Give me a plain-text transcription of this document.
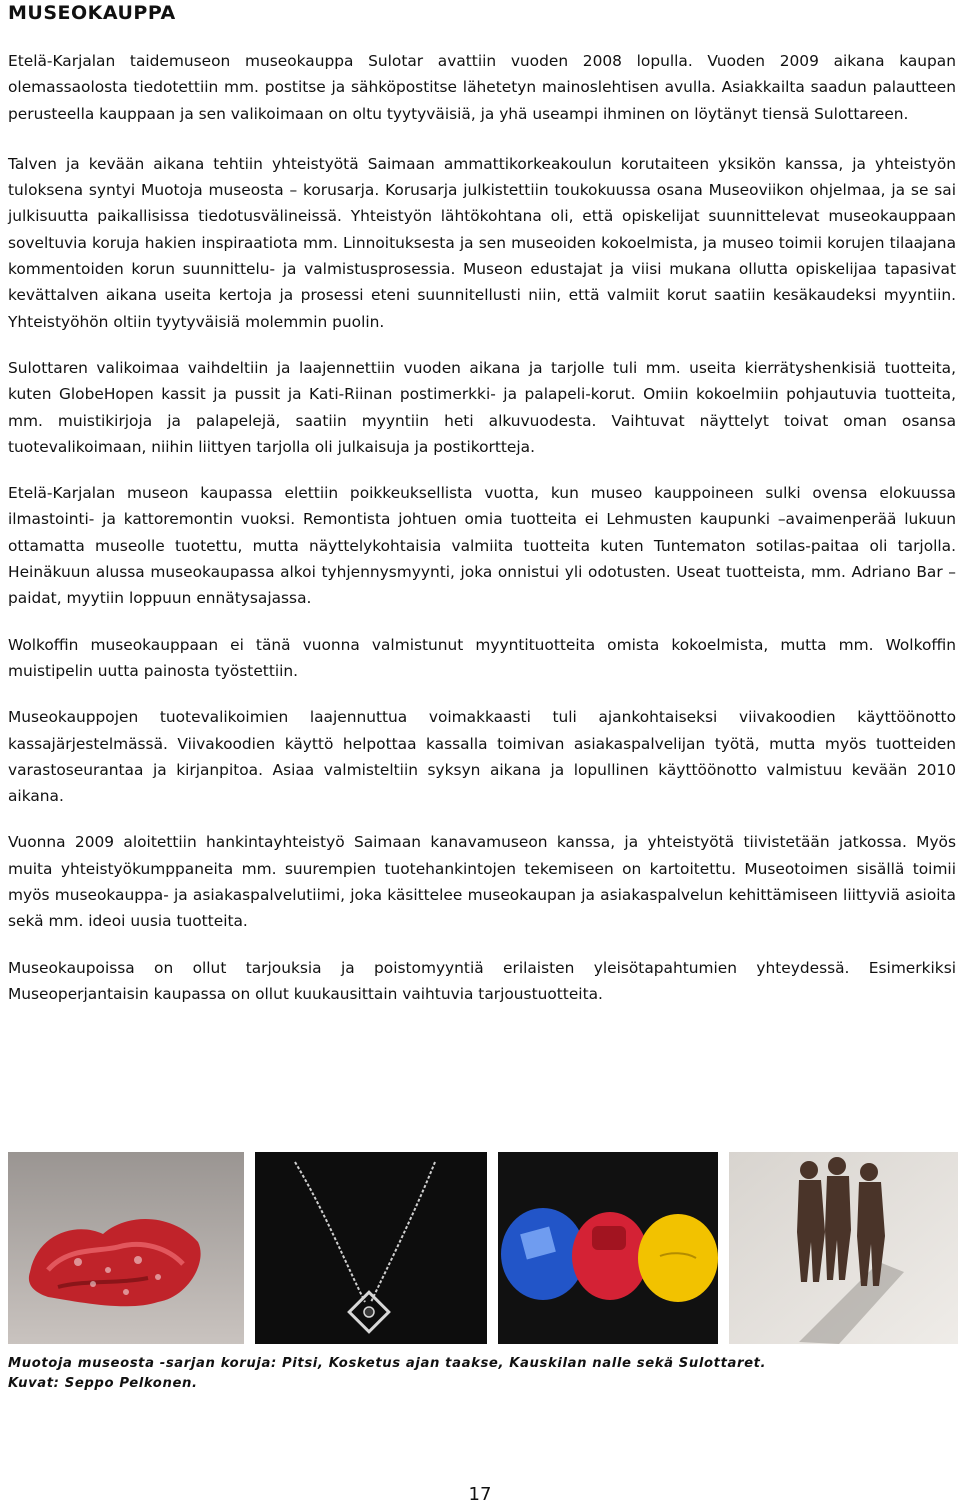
MUSEOKAUPPA

Etelä-Karjalan taidemuseon museokauppa Sulotar avattiin vuoden 2008 lopulla. Vuoden 2009 aikana kaupan olemassaolosta tiedotettiin mm. postitse ja sähköpostitse lähetetyn mainoslehtisen avulla. Asiakkailta saadun palautteen perusteella kauppaan ja sen valikoimaan on oltu tyytyväisiä, ja yhä useampi ihminen on löytänyt tiensä Sulottareen.

Talven ja kevään aikana tehtiin yhteistyötä Saimaan ammattikorkeakoulun korutaiteen yksikön kanssa, ja yhteistyön tuloksena syntyi Muotoja museosta – korusarja. Korusarja julkistettiin toukokuussa osana Museoviikon ohjelmaa, ja se sai julkisuutta paikallisissa tiedotusvälineissä. Yhteistyön lähtökohtana oli, että opiskelijat suunnittelevat museokauppaan soveltuvia koruja hakien inspiraatiota mm. Linnoituksesta ja sen museoiden kokoelmista, ja museo toimii korujen tilaajana kommentoiden korun suunnittelu- ja valmistusprosessia. Museon edustajat ja viisi mukana ollutta opiskelijaa tapasivat kevättalven aikana useita kertoja ja prosessi eteni suunnitellusti niin, että valmiit korut saatiin kesäkaudeksi myyntiin. Yhteistyöhön oltiin tyytyväisiä molemmin puolin.

Sulottaren valikoimaa vaihdeltiin ja laajennettiin vuoden aikana ja tarjolle tuli mm. useita kierrätyshenkisiä tuotteita, kuten GlobeHopen kassit ja pussit ja Kati-Riinan postimerkki- ja palapeli-korut. Omiin kokoelmiin pohjautuvia tuotteita, mm. muistikirjoja ja palapelejä, saatiin myyntiin heti alkuvuodesta. Vaihtuvat näyttelyt toivat oman osansa tuotevalikoimaan, niihin liittyen tarjolla oli julkaisuja ja postikortteja.

Etelä-Karjalan museon kaupassa elettiin poikkeuksellista vuotta, kun museo kauppoineen sulki ovensa elokuussa ilmastointi- ja kattoremontin vuoksi. Remontista johtuen omia tuotteita ei Lehmusten kaupunki –avaimenperää lukuun ottamatta museolle tuotettu, mutta näyttelykohtaisia valmiita tuotteita kuten Tuntematon sotilas-paitaa oli tarjolla. Heinäkuun alussa museokaupassa alkoi tyhjennysmyynti, joka onnistui yli odotusten. Useat tuotteista, mm. Adriano Bar –paidat, myytiin loppuun ennätysajassa.

Wolkoffin museokauppaan ei tänä vuonna valmistunut myyntituotteita omista kokoelmista, mutta mm. Wolkoffin muistipelin uutta painosta työstettiin.

Museokauppojen tuotevalikoimien laajennuttua voimakkaasti tuli ajankohtaiseksi viivakoodien käyttöönotto kassajärjestelmässä. Viivakoodien käyttö helpottaa kassalla toimivan asiakaspalvelijan työtä, mutta myös tuotteiden varastoseurantaa ja kirjanpitoa. Asiaa valmisteltiin syksyn aikana ja lopullinen käyttöönotto valmistuu kevään 2010 aikana.

Vuonna 2009 aloitettiin hankintayhteistyö Saimaan kanavamuseon kanssa, ja yhteistyötä tiivistetään jatkossa. Myös muita yhteistyökumppaneita mm. suurempien tuotehankintojen tekemiseen on kartoitettu. Museotoimen sisällä toimii myös museokauppa- ja asiakaspalvelutiimi, joka käsittelee museokaupan ja asiakaspalvelun kehittämiseen liittyviä asioita sekä mm. ideoi uusia tuotteita.

Museokaupoissa on ollut tarjouksia ja poistomyyntiä erilaisten yleisötapahtumien yhteydessä. Esimerkiksi Museoperjantaisin kaupassa on ollut kuukausittain vaihtuvia tarjoustuotteita.

Muotoja museosta -sarjan koruja: Pitsi, Kosketus ajan taakse, Kauskilan nalle sekä Sulottaret.
Kuvat: Seppo Pelkonen.
17
